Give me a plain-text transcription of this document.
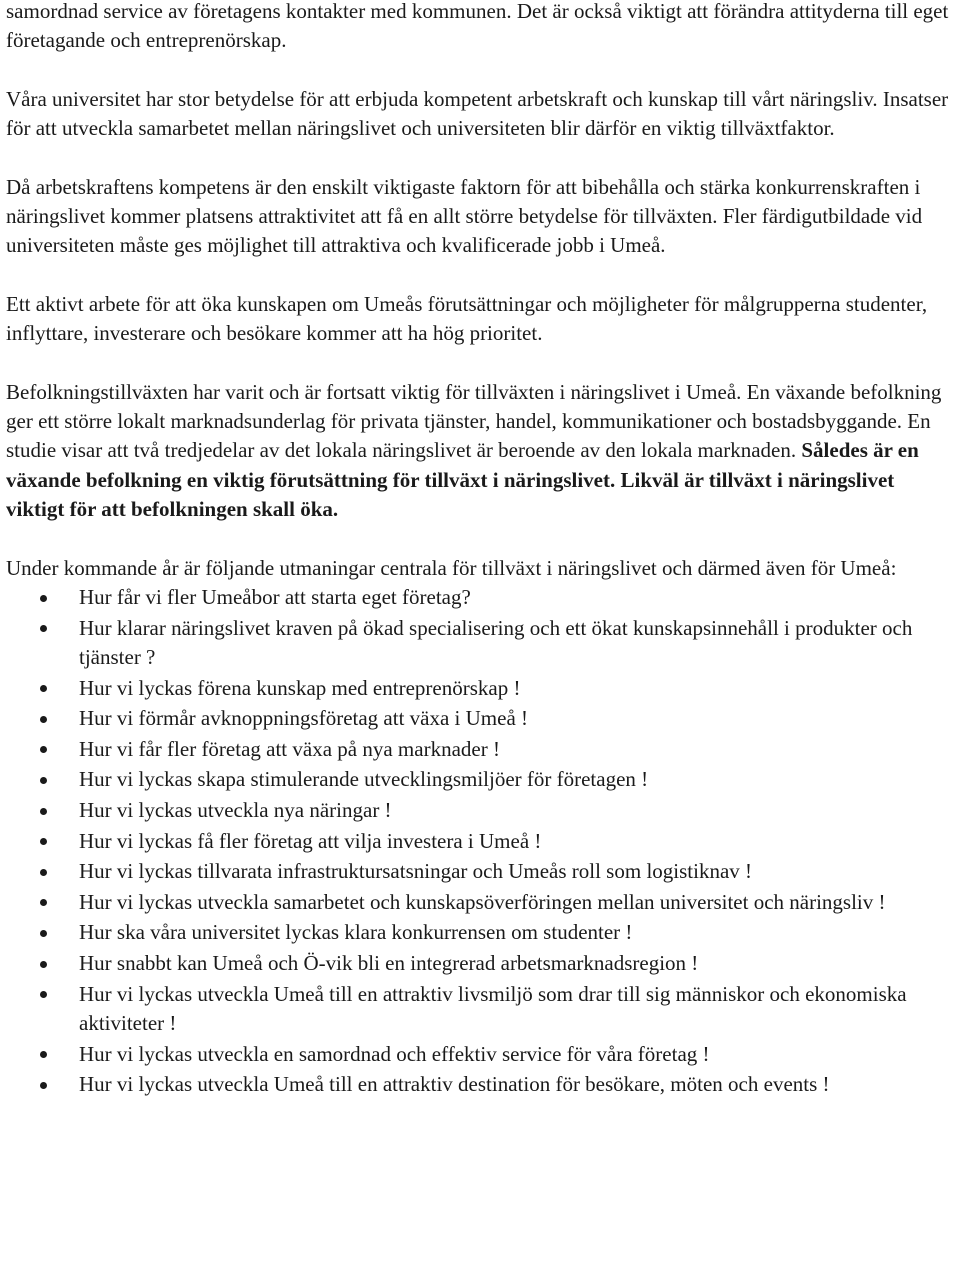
samordnad service av företagens kontakter med kommunen. Det är också viktigt att förändra attityderna till eget företagande och entreprenörskap.

Våra universitet har stor betydelse för att erbjuda kompetent arbetskraft och kunskap till vårt näringsliv. Insatser för att utveckla samarbetet mellan näringslivet och universiteten blir därför en viktig tillväxtfaktor.

Då arbetskraftens kompetens är den enskilt viktigaste faktorn för att bibehålla och stärka konkurrenskraften i näringslivet kommer platsens attraktivitet att få en allt större betydelse för tillväxten. Fler färdigutbildade vid universiteten måste ges möjlighet till attraktiva och kvalificerade jobb i Umeå.

Ett aktivt arbete för att öka kunskapen om Umeås förutsättningar och möjligheter för målgrupperna studenter, inflyttare, investerare och besökare kommer att ha hög prioritet.

Befolkningstillväxten har varit och är fortsatt viktig för tillväxten i näringslivet i Umeå. En växande befolkning ger ett större lokalt marknadsunderlag för privata tjänster, handel, kommunikationer och bostadsbyggande. En studie visar att två tredjedelar av det lokala näringslivet är beroende av den lokala marknaden. Således är en växande befolkning en viktig förutsättning för tillväxt i näringslivet. Likväl är tillväxt i näringslivet viktigt för att befolkningen skall öka.

Under kommande år är följande utmaningar centrala för tillväxt i näringslivet och därmed även för Umeå:

Hur får vi fler Umeåbor att starta eget företag?
Hur klarar näringslivet kraven på ökad specialisering och ett ökat kunskapsinnehåll i produkter och tjänster ?
Hur vi lyckas förena kunskap med entreprenörskap !
Hur vi förmår avknoppningsföretag att växa i Umeå !
Hur vi får fler företag att växa på nya marknader !
Hur vi lyckas skapa stimulerande utvecklingsmiljöer för företagen !
Hur vi lyckas utveckla nya näringar !
Hur vi lyckas få fler företag att vilja investera i Umeå !
Hur vi lyckas tillvarata infrastruktursatsningar och Umeås roll som logistiknav !
Hur vi lyckas utveckla samarbetet och kunskapsöverföringen mellan universitet och näringsliv !
Hur ska våra universitet lyckas klara konkurrensen om studenter !
Hur snabbt kan Umeå och Ö-vik bli en integrerad arbetsmarknadsregion !
Hur vi lyckas utveckla Umeå till en attraktiv livsmiljö som drar till sig människor och ekonomiska aktiviteter !
Hur vi lyckas utveckla en samordnad och effektiv service för våra företag !
Hur vi lyckas utveckla Umeå till en attraktiv destination för besökare, möten och events !
